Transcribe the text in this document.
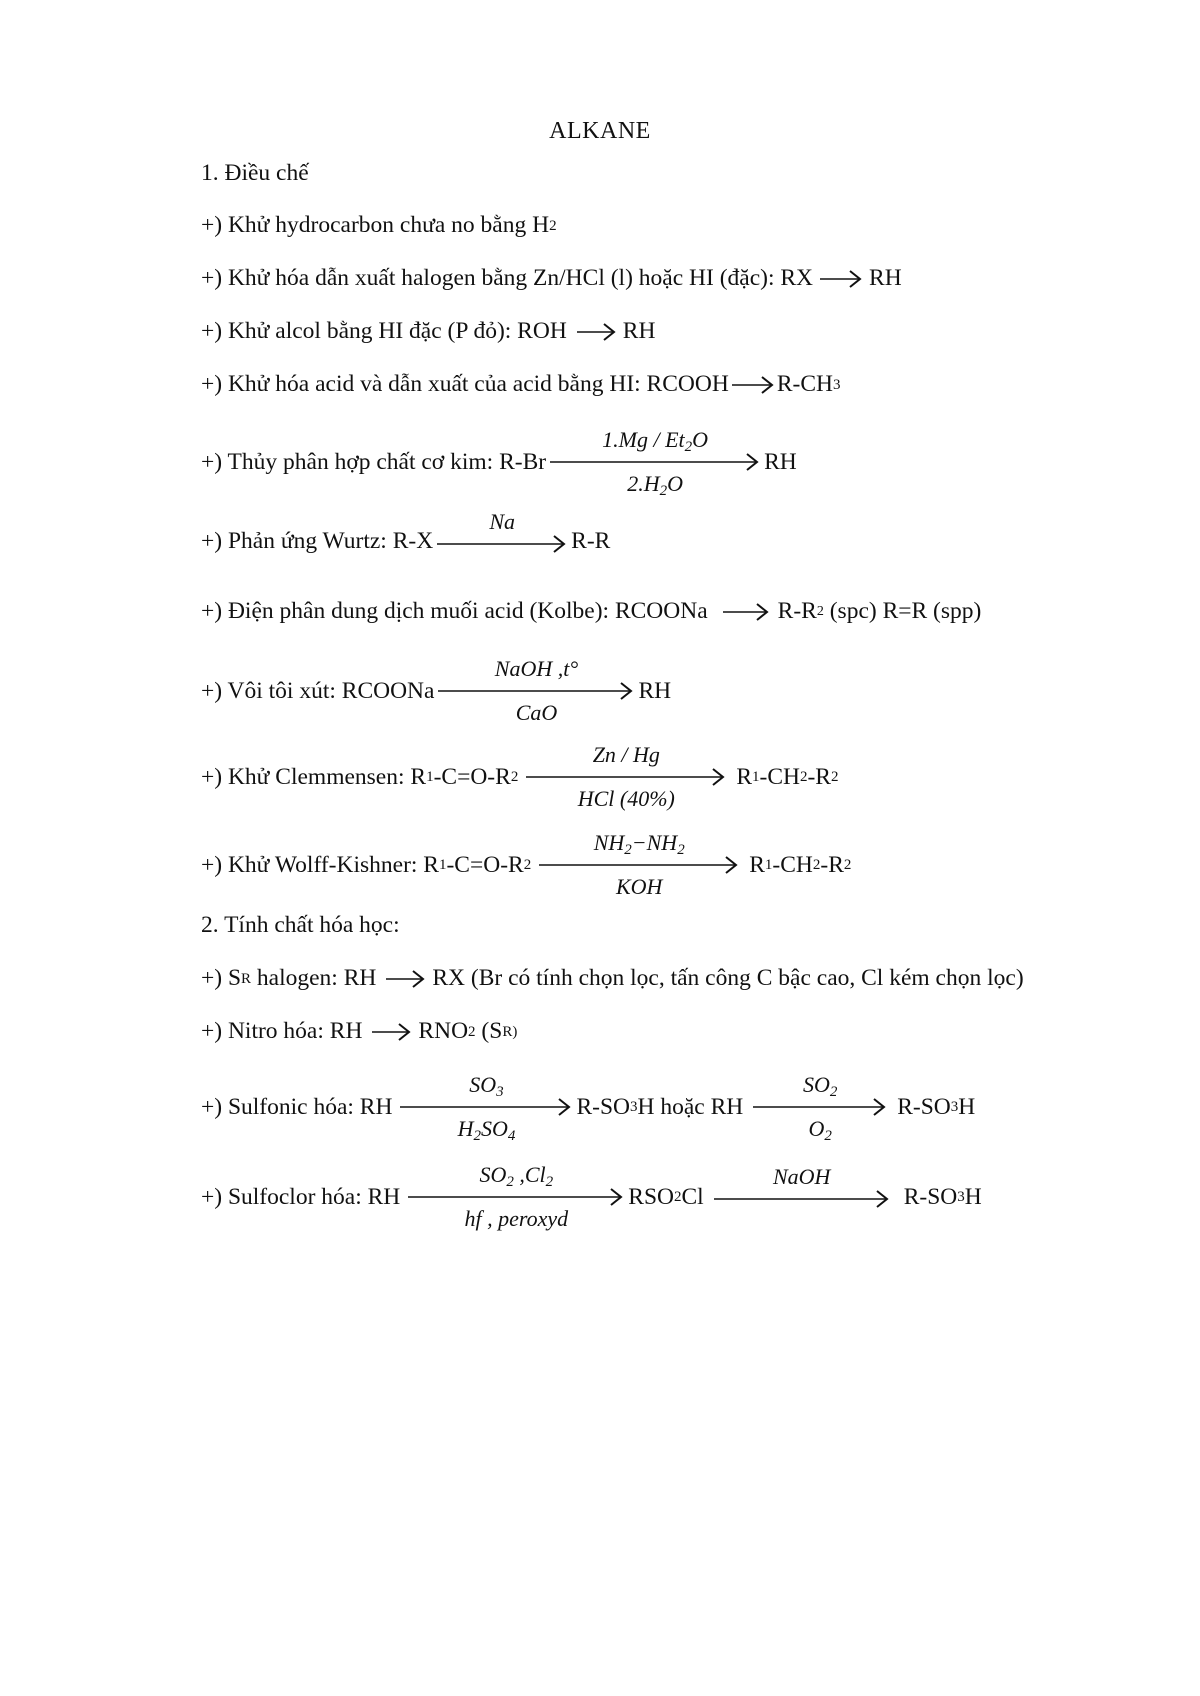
ALKANE
1. Điều chế
+) Khử hydrocarbon chưa no bằng H 2
+) Khử hóa dẫn xuất halogen bằng Zn/HCl (l) hoặc HI (đặc): RX → RH
+) Khử alcol bằng HI đặc (P đỏ): ROH → RH
+) Khử hóa acid và dẫn xuất của acid bằng HI: RCOOH → R-CH 3
+) Thủy phân hợp chất cơ kim: R-Br
$1.Mg / Et_2O$
$2.H_2O$
RH
+) Phản ứng Wurtz: R-X
Na
R-R
+) Điện phân dung dịch muối acid (Kolbe): RCOONa → R-R 2 (spc) R=R (spp)
+) Vôi tôi xút: RCOONa
NaOH ,t°
CaO
RH
+) Khử Clemmensen: R 1 -C=O-R 2
Zn / Hg
HCl (40%)
R 1 -CH 2 -R 2
+) Khử Wolff-Kishner: R 1 -C=O-R 2
$NH_2-NH_2$
KOH
R 1 -CH 2 -R 2
2. Tính chất hóa học:
+) S R halogen: RH → RX (Br có tính chọn lọc, tấn công C bậc cao, Cl kém chọn lọc)
+) Nitro hóa: RH → RNO 2 (S R)
+) Sulfonic hóa: RH
$SO_3$
$H_2SO_4$
R-SO 3 H hoặc RH
$SO_2$
$O_2$
R-SO 3 H
+) Sulfoclor hóa: RH
$SO_2$ $,Cl_2$
hf , peroxyd
RSO 2 Cl
NaOH
R-SO 3 H
